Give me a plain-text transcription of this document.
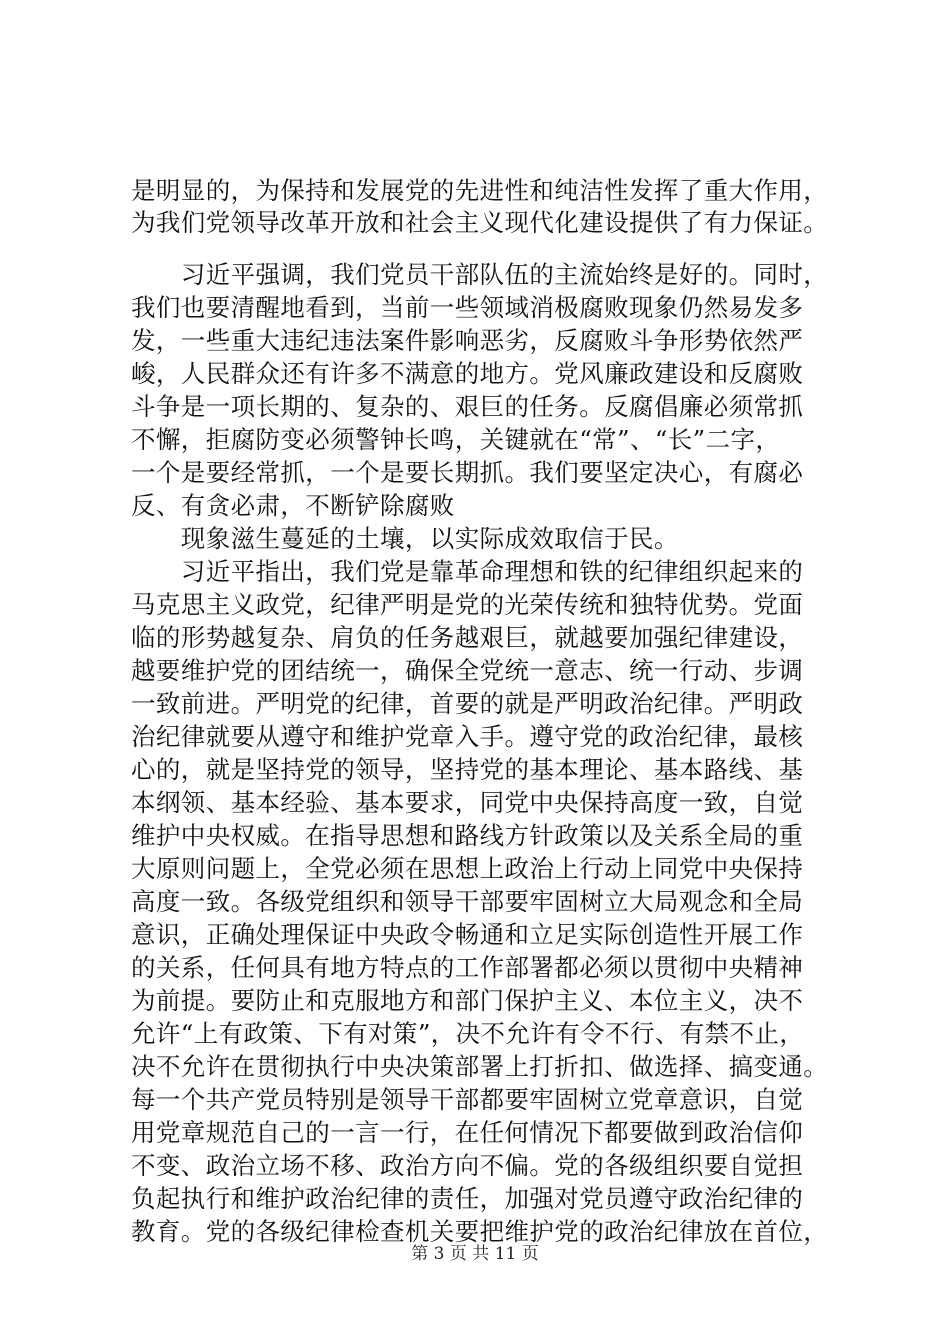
是明显的，为保持和发展党的先进性和纯洁性发挥了重大作用，
为我们党领导改革开放和社会主义现代化建设提供了有力保证。
　　习近平强调，我们党员干部队伍的主流始终是好的。同时，
我们也要清醒地看到，当前一些领域消极腐败现象仍然易发多
发，一些重大违纪违法案件影响恶劣，反腐败斗争形势依然严
峻，人民群众还有许多不满意的地方。党风廉政建设和反腐败
斗争是一项长期的、复杂的、艰巨的任务。反腐倡廉必须常抓
不懈，拒腐防变必须警钟长鸣，关键就在“常”、“长”二字，
一个是要经常抓，一个是要长期抓。我们要坚定决心，有腐必
反、有贪必肃，不断铲除腐败
　　现象滋生蔓延的土壤，以实际成效取信于民。
　　习近平指出，我们党是靠革命理想和铁的纪律组织起来的
马克思主义政党，纪律严明是党的光荣传统和独特优势。党面
临的形势越复杂、肩负的任务越艰巨，就越要加强纪律建设，
越要维护党的团结统一，确保全党统一意志、统一行动、步调
一致前进。严明党的纪律，首要的就是严明政治纪律。严明政
治纪律就要从遵守和维护党章入手。遵守党的政治纪律，最核
心的，就是坚持党的领导，坚持党的基本理论、基本路线、基
本纲领、基本经验、基本要求，同党中央保持高度一致，自觉
维护中央权威。在指导思想和路线方针政策以及关系全局的重
大原则问题上，全党必须在思想上政治上行动上同党中央保持
高度一致。各级党组织和领导干部要牢固树立大局观念和全局
意识，正确处理保证中央政令畅通和立足实际创造性开展工作
的关系，任何具有地方特点的工作部署都必须以贯彻中央精神
为前提。要防止和克服地方和部门保护主义、本位主义，决不
允许“上有政策、下有对策”，决不允许有令不行、有禁不止，
决不允许在贯彻执行中央决策部署上打折扣、做选择、搞变通。
每一个共产党员特别是领导干部都要牢固树立党章意识，自觉
用党章规范自己的一言一行，在任何情况下都要做到政治信仰
不变、政治立场不移、政治方向不偏。党的各级组织要自觉担
负起执行和维护政治纪律的责任，加强对党员遵守政治纪律的
教育。党的各级纪律检查机关要把维护党的政治纪律放在首位，
第 3 页 共 11 页
